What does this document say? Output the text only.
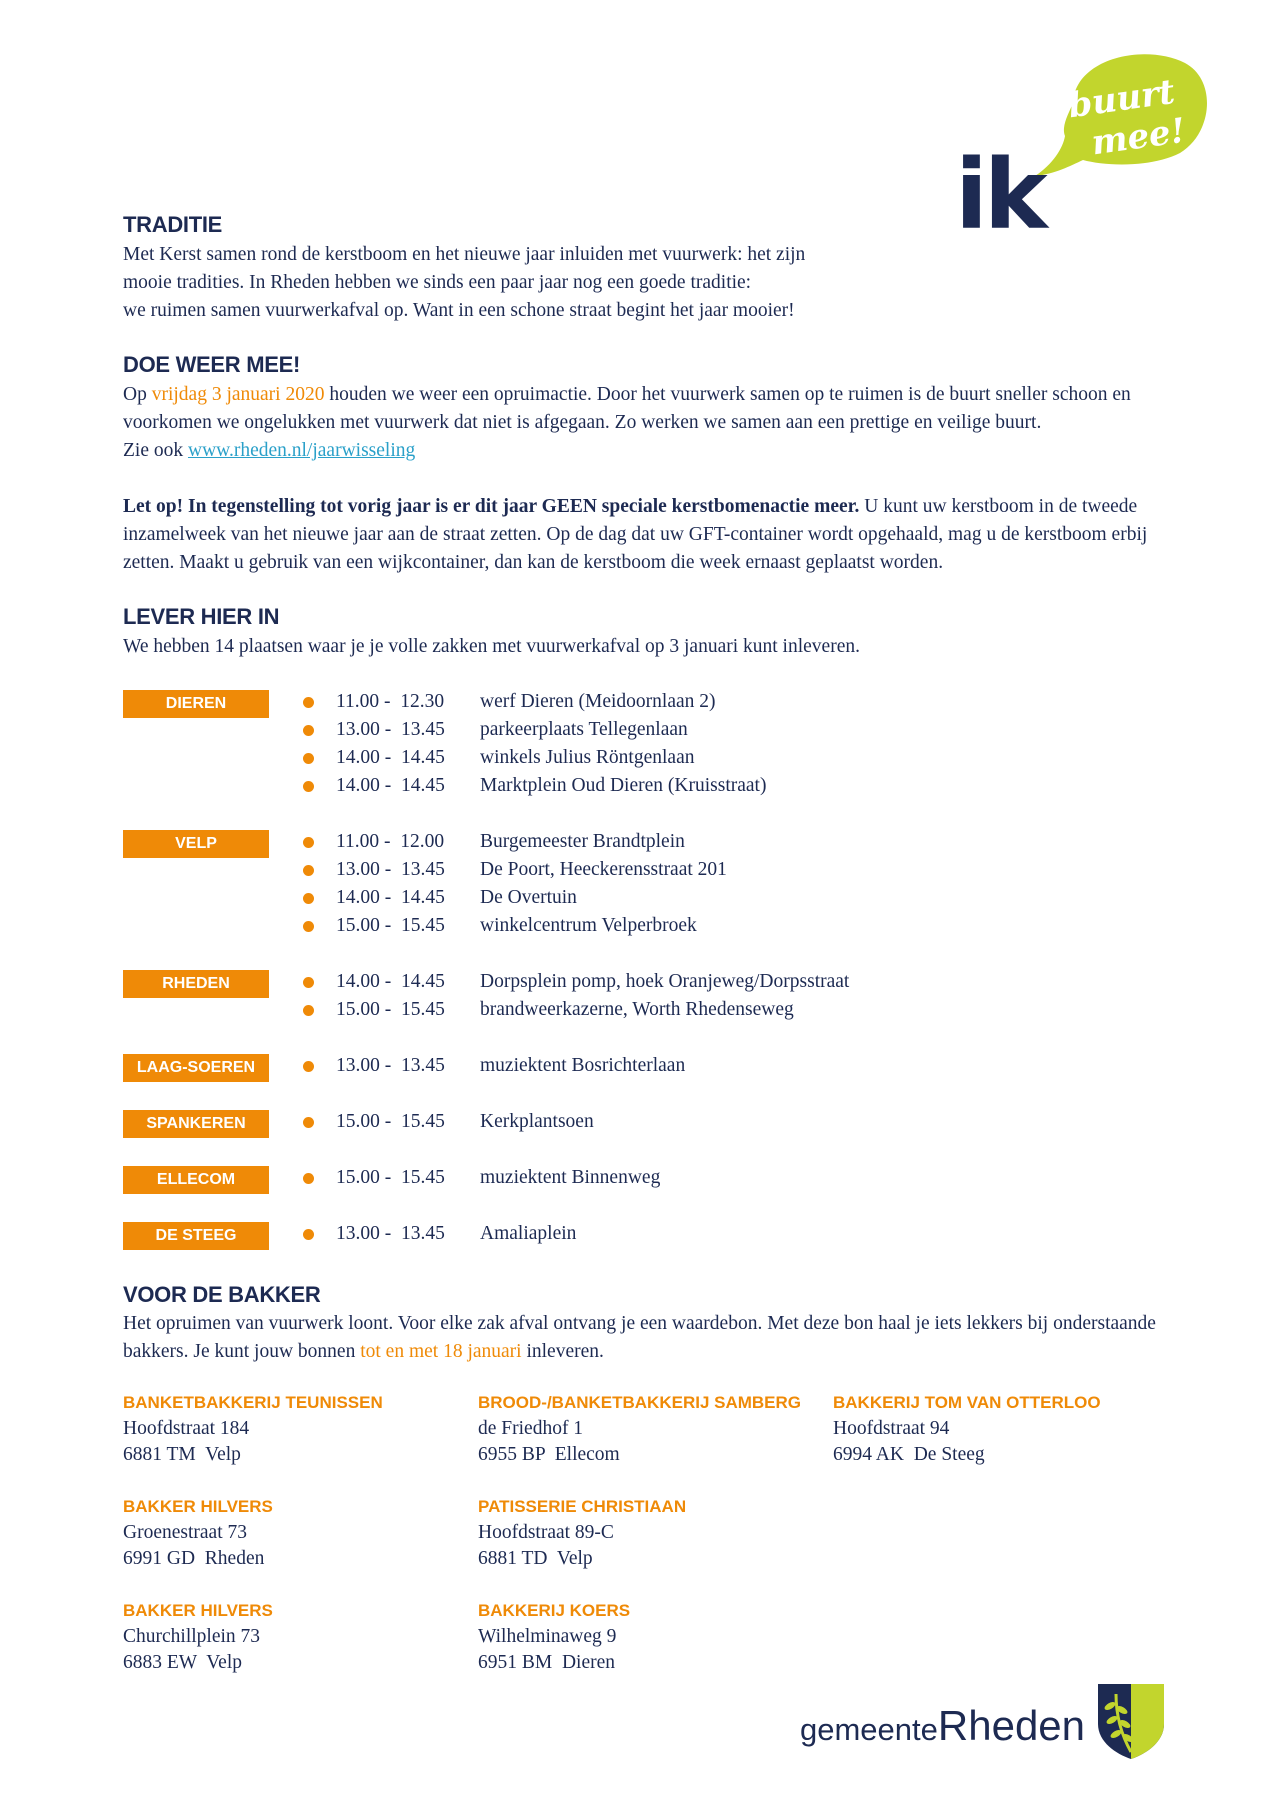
buurt
mee!
ik
TRADITIE

Met Kerst samen rond de kerstboom en het nieuwe jaar inluiden met vuurwerk: het zijn
mooie tradities. In Rheden hebben we sinds een paar jaar nog een goede traditie:
we ruimen samen vuurwerkafval op. Want in een schone straat begint het jaar mooier!

DOE WEER MEE!

Op vrijdag 3 januari 2020 houden we weer een opruimactie. Door het vuurwerk samen op te ruimen is de buurt sneller schoon en voorkomen we ongelukken met vuurwerk dat niet is afgegaan. Zo werken we samen aan een prettige en veilige buurt.
Zie ook www.rheden.nl/jaarwisseling

Let op! In tegenstelling tot vorig jaar is er dit jaar GEEN speciale kerstbomenactie meer. U kunt uw kerstboom in de tweede inzamelweek van het nieuwe jaar aan de straat zetten. Op de dag dat uw GFT-container wordt opgehaald, mag u de kerstboom erbij zetten. Maakt u gebruik van een wijkcontainer, dan kan de kerstboom die week ernaast geplaatst worden.

LEVER HIER IN

We hebben 14 plaatsen waar je je volle zakken met vuurwerkafval op 3 januari kunt inleveren.

DIEREN	11.00 -  12.30 werf Dieren (Meidoornlaan 2)
13.00 -  13.45 parkeerplaats Tellegenlaan
14.00 -  14.45 winkels Julius Röntgenlaan
14.00 -  14.45 Marktplein Oud Dieren (Kruisstraat)
VELP	11.00 -  12.00 Burgemeester Brandtplein
13.00 -  13.45 De Poort, Heeckerensstraat 201
14.00 -  14.45 De Overtuin
15.00 -  15.45 winkelcentrum Velperbroek
RHEDEN	14.00 -  14.45 Dorpsplein pomp, hoek Oranjeweg/Dorpsstraat
15.00 -  15.45 brandweerkazerne, Worth Rhedenseweg
LAAG-SOEREN	13.00 -  13.45 muziektent Bosrichterlaan
SPANKEREN	15.00 -  15.45 Kerkplantsoen
ELLECOM	15.00 -  15.45 muziektent Binnenweg
DE STEEG	13.00 -  13.45 Amaliaplein
VOOR DE BAKKER

Het opruimen van vuurwerk loont. Voor elke zak afval ontvang je een waardebon. Met deze bon haal je iets lekkers bij onderstaande bakkers. Je kunt jouw bonnen tot en met 18 januari inleveren.

BANKETBAKKERIJ TEUNISSEN
Hoofdstraat 184
6881 TM  Velp
BROOD-/BANKETBAKKERIJ SAMBERG
de Friedhof 1
6955 BP  Ellecom
BAKKERIJ TOM VAN OTTERLOO
Hoofdstraat 94
6994 AK  De Steeg
BAKKER HILVERS
Groenestraat 73
6991 GD  Rheden
PATISSERIE CHRISTIAAN
Hoofdstraat 89-C
6881 TD  Velp
BAKKER HILVERS
Churchillplein 73
6883 EW  Velp
BAKKERIJ KOERS
Wilhelminaweg 9
6951 BM  Dieren
gemeenteRheden
